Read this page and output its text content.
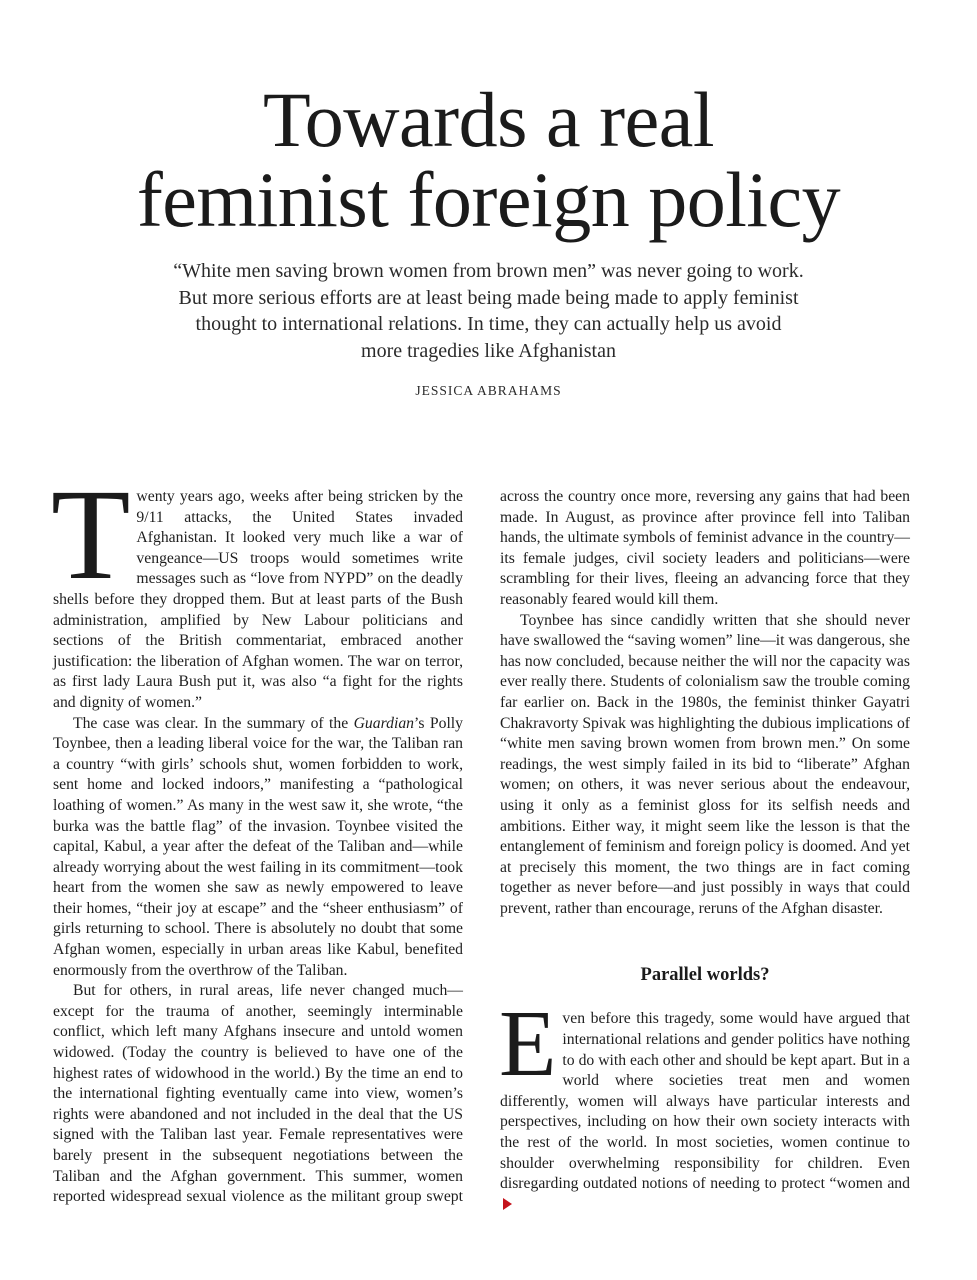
Towards a real
feminist foreign policy

“White men saving brown women from brown men” was never going to work.
But more serious efforts are at least being made being made to apply feminist
thought to international relations. In time, they can actually help us avoid
more tragedies like Afghanistan

JESSICA ABRAHAMS

Twenty years ago, weeks after being stricken by the 9/11 attacks, the United States invaded Afghanistan. It looked very much like a war of vengeance—US troops would sometimes write messages such as “love from NYPD” on the deadly shells before they dropped them. But at least parts of the Bush administration, amplified by New Labour politicians and sections of the British commentariat, embraced another justification: the liberation of Afghan women. The war on terror, as first lady Laura Bush put it, was also “a fight for the rights and dignity of women.”

The case was clear. In the summary of the Guardian’s Polly Toynbee, then a leading liberal voice for the war, the Taliban ran a country “with girls’ schools shut, women forbidden to work, sent home and locked indoors,” manifesting a “pathological loathing of women.” As many in the west saw it, she wrote, “the burka was the battle flag” of the invasion. Toynbee visited the capital, Kabul, a year after the defeat of the Taliban and—while already worrying about the west failing in its commitment—took heart from the women she saw as newly empowered to leave their homes, “their joy at escape” and the “sheer enthusiasm” of girls returning to school. There is absolutely no doubt that some Afghan women, especially in urban areas like Kabul, benefited enormously from the overthrow of the Taliban.

But for others, in rural areas, life never changed much—except for the trauma of another, seemingly interminable conflict, which left many Afghans insecure and untold women widowed. (Today the country is believed to have one of the highest rates of widowhood in the world.) By the time an end to the international fighting eventually came into view, women’s rights were abandoned and not included in the deal that the US signed with the Taliban last year. Female representatives were barely present in the subsequent negotiations between the Taliban and the Afghan government. This summer, women reported widespread sexual violence as the militant group swept

across the country once more, reversing any gains that had been made. In August, as province after province fell into Taliban hands, the ultimate symbols of feminist advance in the country—its female judges, civil society leaders and politicians—were scrambling for their lives, fleeing an advancing force that they reasonably feared would kill them.

Toynbee has since candidly written that she should never have swallowed the “saving women” line—it was dangerous, she has now concluded, because neither the will nor the capacity was ever really there. Students of colonialism saw the trouble coming far earlier on. Back in the 1980s, the feminist thinker Gayatri Chakravorty Spivak was highlighting the dubious implications of “white men saving brown women from brown men.” On some readings, the west simply failed in its bid to “liberate” Afghan women; on others, it was never serious about the endeavour, using it only as a feminist gloss for its selfish needs and ambitions. Either way, it might seem like the lesson is that the entanglement of feminism and foreign policy is doomed. And yet at precisely this moment, the two things are in fact coming together as never before—and just possibly in ways that could prevent, rather than encourage, reruns of the Afghan disaster.

Parallel worlds?

Even before this tragedy, some would have argued that international relations and gender politics have nothing to do with each other and should be kept apart. But in a world where societies treat men and women differently, women will always have particular interests and perspectives, including on how their own society interacts with the rest of the world. In most societies, women continue to shoulder overwhelming responsibility for children. Even disregarding outdated notions of needing to protect “women and
